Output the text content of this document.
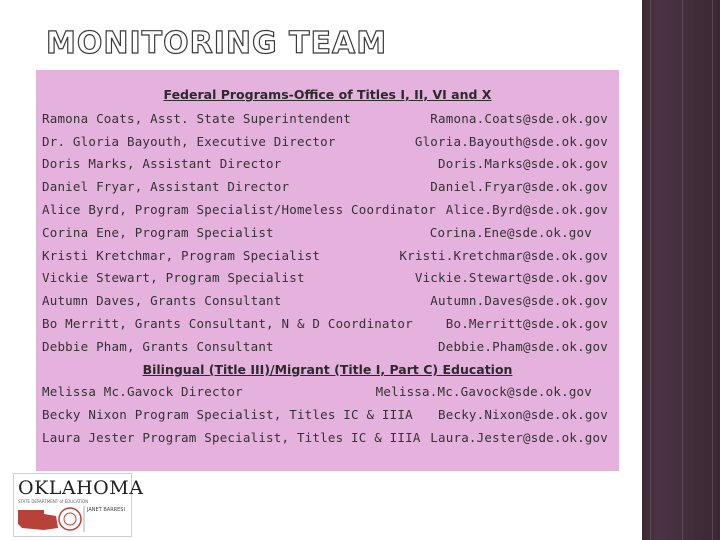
MONITORING TEAM
Federal Programs-Office of Titles I, II, VI and X
Ramona Coats, Asst. State Superintendent	Ramona.Coats@sde.ok.gov
Dr. Gloria Bayouth, Executive Director	Gloria.Bayouth@sde.ok.gov
Doris Marks, Assistant Director	Doris.Marks@sde.ok.gov
Daniel Fryar, Assistant Director	Daniel.Fryar@sde.ok.gov
Alice Byrd, Program Specialist/Homeless Coordinator Alice.Byrd@sde.ok.gov
Corina Ene, Program Specialist	Corina.Ene@sde.ok.gov
Kristi Kretchmar, Program Specialist	Kristi.Kretchmar@sde.ok.gov
Vickie Stewart, Program Specialist	Vickie.Stewart@sde.ok.gov
Autumn Daves, Grants Consultant	Autumn.Daves@sde.ok.gov
Bo Merritt, Grants Consultant, N & D Coordinator	Bo.Merritt@sde.ok.gov
Debbie Pham, Grants Consultant	Debbie.Pham@sde.ok.gov
Bilingual (Title III)/Migrant (Title I, Part C) Education
Melissa Mc.Gavock Director	Melissa.Mc.Gavock@sde.ok.gov
Becky Nixon Program Specialist, Titles IC & IIIA Becky.Nixon@sde.ok.gov
Laura Jester Program Specialist, Titles IC & IIIA Laura.Jester@sde.ok.gov
OKLAHOMA
STATE DEPARTMENT of EDUCATION
JANET BARRESI
